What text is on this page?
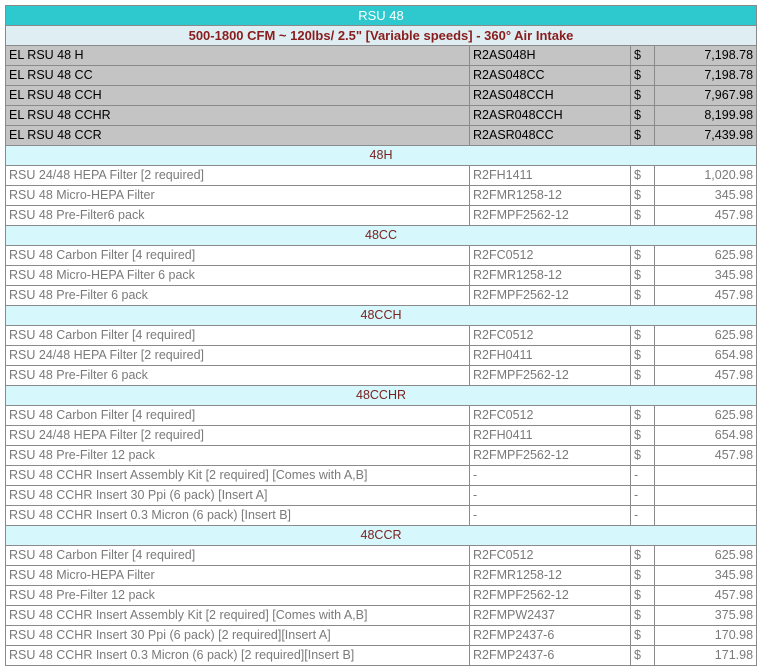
RSU 48			
500-1800 CFM ~ 120lbs/ 2.5" [Variable speeds] - 360° Air Intake			
EL RSU 48 H	R2AS048H	$	7,198.78
EL RSU 48 CC	R2AS048CC	$	7,198.78
EL RSU 48 CCH	R2AS048CCH	$	7,967.98
EL RSU 48 CCHR	R2ASR048CCH	$	8,199.98
EL RSU 48 CCR	R2ASR048CC	$	7,439.98
48H			
RSU 24/48 HEPA Filter [2 required]	R2FH1411	$	1,020.98
RSU 48 Micro-HEPA Filter	R2FMR1258-12	$	345.98
RSU 48 Pre-Filter6 pack	R2FMPF2562-12	$	457.98
48CC			
RSU 48 Carbon Filter [4 required]	R2FC0512	$	625.98
RSU 48 Micro-HEPA Filter 6 pack	R2FMR1258-12	$	345.98
RSU 48 Pre-Filter 6 pack	R2FMPF2562-12	$	457.98
48CCH			
RSU 48 Carbon Filter [4 required]	R2FC0512	$	625.98
RSU 24/48 HEPA Filter [2 required]	R2FH0411	$	654.98
RSU 48 Pre-Filter 6 pack	R2FMPF2562-12	$	457.98
48CCHR			
RSU 48 Carbon Filter [4 required]	R2FC0512	$	625.98
RSU 24/48 HEPA Filter [2 required]	R2FH0411	$	654.98
RSU 48 Pre-Filter 12 pack	R2FMPF2562-12	$	457.98
RSU 48 CCHR Insert Assembly Kit [2 required] [Comes with A,B]	-	-	
RSU 48 CCHR Insert 30 Ppi (6 pack) [Insert A]	-	-	
RSU 48 CCHR Insert 0.3 Micron (6 pack) [Insert B]	-	-	
48CCR			
RSU 48 Carbon Filter [4 required]	R2FC0512	$	625.98
RSU 48 Micro-HEPA Filter	R2FMR1258-12	$	345.98
RSU 48 Pre-Filter 12 pack	R2FMPF2562-12	$	457.98
RSU 48 CCHR Insert Assembly Kit [2 required] [Comes with A,B]	R2FMPW2437	$	375.98
RSU 48 CCHR Insert 30 Ppi (6 pack) [2 required][Insert A]	R2FMP2437-6	$	170.98
RSU 48 CCHR Insert 0.3 Micron (6 pack) [2 required][Insert B]	R2FMP2437-6	$	171.98
